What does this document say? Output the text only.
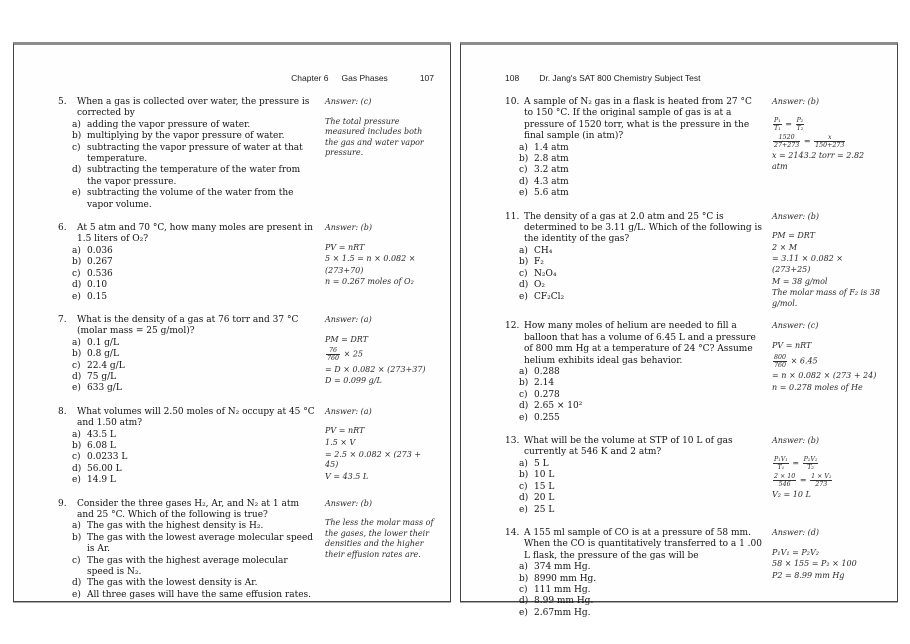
Chapter 6 Gas Phases	107
5.	When a gas is collected over water, the pressure is corrected by
a) adding the vapor pressure of water.
b) multiplying by the vapor pressure of water.
c) subtracting the vapor pressure of water at that temperature.
d) subtracting the temperature of the water from the vapor pressure.
e) subtracting the volume of the water from the vapor volume.
Answer: (c)
The total pressure measured includes both the gas and water vapor pressure.
6.	At 5 atm and 70 °C, how many moles are present in 1.5 liters of O₂?
a) 0.036
b) 0.267
c) 0.536
d) 0.10
e) 0.15
Answer: (b)
PV = nRT
5 × 1.5 = n × 0.082 ×
(273+70)
n = 0.267 moles of O₂
7.	What is the density of a gas at 76 torr and 37 °C (molar mass = 25 g/mol)?
a) 0.1 g/L
b) 0.8 g/L
c) 22.4 g/L
d) 75 g/L
e) 633 g/L
Answer: (a)
PM = DRT
$\frac{76}{760} \times 25$
= D × 0.082 × (273+37)
D = 0.099 g/L
8.	What volumes will 2.50 moles of N₂ occupy at 45 °C and 1.50 atm?
a) 43.5 L
b) 6.08 L
c) 0.0233 L
d) 56.00 L
e) 14.9 L
Answer: (a)
PV = nRT
1.5 × V
= 2.5 × 0.082 × (273 + 45)
V = 43.5 L
9.	Consider the three gases H₂, Ar, and N₂ at 1 atm and 25 °C. Which of the following is true?
a) The gas with the highest density is H₂.
b) The gas with the lowest average molecular speed is Ar.
c) The gas with the highest average molecular speed is N₂.
d) The gas with the lowest density is Ar.
e) All three gases will have the same effusion rates.
Answer: (b)
The less the molar mass of the gases, the lower their densities and the higher their effusion rates are.
108 Dr. Jang's SAT 800 Chemistry Subject Test
10. A sample of N₂ gas in a flask is heated from 27 °C to 150 °C. If the original sample of gas is at a pressure of 1520 torr, what is the pressure in the final sample (in atm)?
a) 1.4 atm
b) 2.8 atm
c) 3.2 atm
d) 4.3 atm
e) 5.6 atm
Answer: (b)
$\frac{\text{P₁}}{\text{T₁}} = \frac{\text{P₂}}{\text{T₂}}$
$\frac{1520}{27+273} = \frac{x}{150+273}$
x = 2143.2 torr = 2.82 atm
11. The density of a gas at 2.0 atm and 25 °C is determined to be 3.11 g/L. Which of the following is the identity of the gas?
a) CH₄
b) F₂
c) N₂O₄
d) O₂
e) CF₂Cl₂
Answer: (b)
PM = DRT
2 × M
= 3.11 × 0.082 × (273+25)
M = 38 g/mol
The molar mass of F₂ is 38 g/mol.
12. How many moles of helium are needed to fill a balloon that has a volume of 6.45 L and a pressure of 800 mm Hg at a temperature of 24 °C? Assume helium exhibits ideal gas behavior.
a) 0.288
b) 2.14
c) 0.278
d) 2.65 × 10²
e) 0.255
Answer: (c)
PV = nRT
$\frac{800}{760} \times 6.45$
= n × 0.082 × (273 + 24)
n = 0.278 moles of He
13. What will be the volume at STP of 10 L of gas currently at 546 K and 2 atm?
a) 5 L
b) 10 L
c) 15 L
d) 20 L
e) 25 L
Answer: (b)
$\frac{\text{P₁V₁}}{\text{T₁}} = \frac{\text{P₂V₂}}{\text{T₂}}$
$\frac{2 \times 10}{546} = \frac{\text{1 × V₂}}{273}$
V₂ = 10 L
14. A 155 ml sample of CO is at a pressure of 58 mm. When the CO is quantitatively transferred to a 1 .00 L flask, the pressure of the gas will be
a) 374 mm Hg.
b) 8990 mm Hg.
c) 111 mm Hg.
d) 8.99 mm Hg.
e) 2.67mm Hg.
Answer: (d)
P₁V₁ = P₂V₂
58 × 155 = P₂ × 100
P2 = 8.99 mm Hg
